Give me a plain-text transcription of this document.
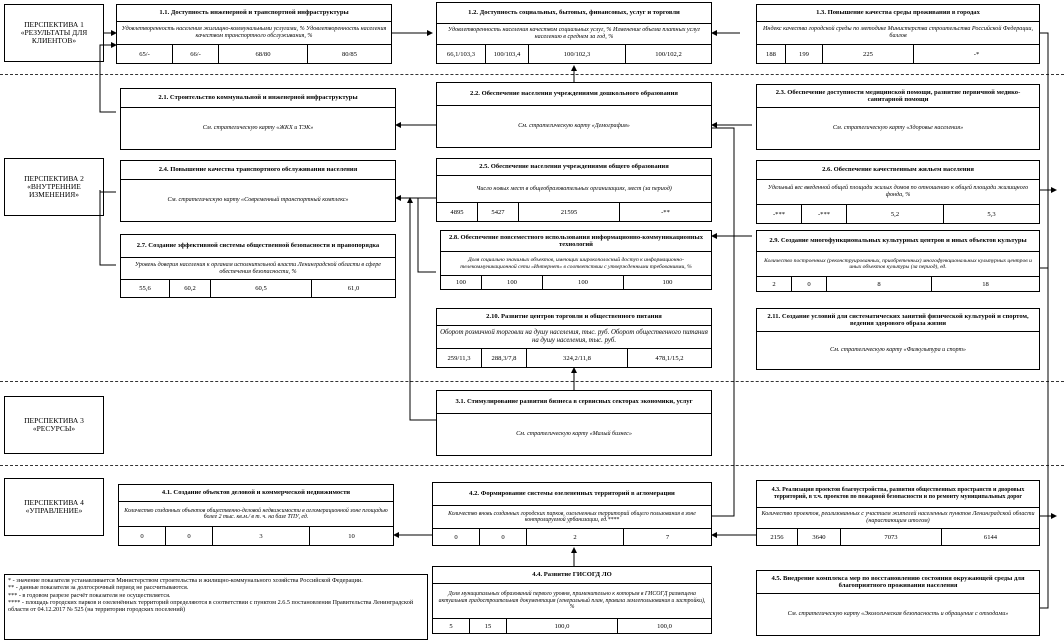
ПЕРСПЕКТИВА 1 «РЕЗУЛЬТАТЫ ДЛЯ КЛИЕНТОВ»
ПЕРСПЕКТИВА 2 «ВНУТРЕННИЕ ИЗМЕНЕНИЯ»
ПЕРСПЕКТИВА 3 «РЕСУРСЫ»
ПЕРСПЕКТИВА 4 «УПРАВЛЕНИЕ»
1.1. Доступность инженерной и транспортной инфраструктуры
Удовлетворенность населения жилищно-коммунальными услугами, % Удовлетворенность населения качеством транспортного обслуживания, %
65/-	66/-	68/80	80/85
1.2. Доступность социальных, бытовых, финансовых, услуг и торговли
Удовлетворенность населения качеством социальных услуг, % Изменение объема платных услуг населению в среднем за год, %
66,1/103,3	100/103,4	100/102,3	100/102,2
1.3. Повышение качества среды проживания в городах
Индекс качества городской среды по методике Министерства строительства Российской Федерации, баллов
188	199	225	-*
2.1. Строительство коммунальной и инженерной инфраструктуры
См. стратегическую карту «ЖКХ и ТЭК»
2.2. Обеспечение населения учреждениями дошкольного образования
См. стратегическую карту «Демография»
2.3. Обеспечение доступности медицинской помощи, развитие первичной медико-санитарной помощи
См. стратегическую карту «Здоровье населения»
2.4. Повышение качества транспортного обслуживания населения
См. стратегическую карту «Современный транспортный комплекс»
2.5. Обеспечение населения учреждениями общего образования
Число новых мест в общеобразовательных организациях, мест (за период)
4895	5427	21595	-**
2.6. Обеспечение качественным жильем населения
Удельный вес введенной общей площади жилых домов по отношению к общей площади жилищного фонда, %
-***	-***	5,2	5,3
2.7. Создание эффективной системы общественной безопасности и правопорядка
Уровень доверия населения к органам исполнительной власти Ленинградской области в сфере обеспечения безопасности, %
55,6	60,2	60,5	61,0
2.8. Обеспечение повсеместного использования информационно-коммуникационных технологий
Доля социально значимых объектов, имеющих широкополосный доступ к информационно-телекоммуникационной сети «Интернет» в соответствии с утвержденными требованиями, %
100	100	100	100
2.9. Создание многофункциональных культурных центров и иных объектов культуры
Количество построенных (реконструированных, приобретенных) многофункциональных культурных центров и иных объектов культуры (за период), ед.
2	0	8	18
2.10. Развитие центров торговли и общественного питания
Оборот розничной торговли на душу населения, тыс. руб. Оборот общественного питания на душу населения, тыс. руб.
259/11,3	288,3/7,8	324,2/11,8	478,1/15,2
2.11. Создание условий для систематических занятий физической культурой и спортом, ведения здорового образа жизни
См. стратегическую карту «Физкультура и спорт»
3.1. Стимулирование развития бизнеса в сервисных секторах экономики, услуг
См. стратегическую карту «Малый бизнес»
4.1. Создание объектов деловой и коммерческой недвижимости
Количество созданных объектов общественно-деловой недвижимости в агломерационной зоне площадью более 2 тыс. кв.м./ в т. ч. на базе ТПУ, ед.
0	0	3	10
4.2. Формирование системы озелененных территорий в агломерации
Количество вновь созданных городских парков, озелененных территорий общего пользования в зоне контролируемой урбанизации, ед.****
0	0	2	7
4.3. Реализация проектов благоустройства, развития общественных пространств и дворовых территорий, в т.ч. проектов по пожарной безопасности и по ремонту муниципальных дорог
Количество проектов, реализованных с участием жителей населенных пунктов Ленинградской области (нарастающим итогом)
2156	3640	7073	6144
4.4. Развитие ГИСОГД ЛО
Доля муниципальных образований первого уровня, применительно к которым в ГИСОГД размещена актуальная градостроительная документация (генеральный план, правила землепользования и застройки), %
5	15	100,0	100,0
4.5. Внедрение комплекса мер по восстановлению состояния окружающей среды для благоприятного проживания населения
См. стратегическую карту «Экологическая безопасность и обращение с отходами»
* - значение показателя устанавливается Министерством строительства и жилищно-коммунального хозяйства Российской Федерации.
** - данные показателя за долгосрочный период не рассчитываются.
*** - в годовом разрезе расчёт показателя не осуществляется.
**** - площадь городских парков и озеленённых территорий определяются в соответствии с пунктом 2.6.5 постановления Правительства Ленинградской области от 04.12.2017 № 525 (на территории городских поселений)
